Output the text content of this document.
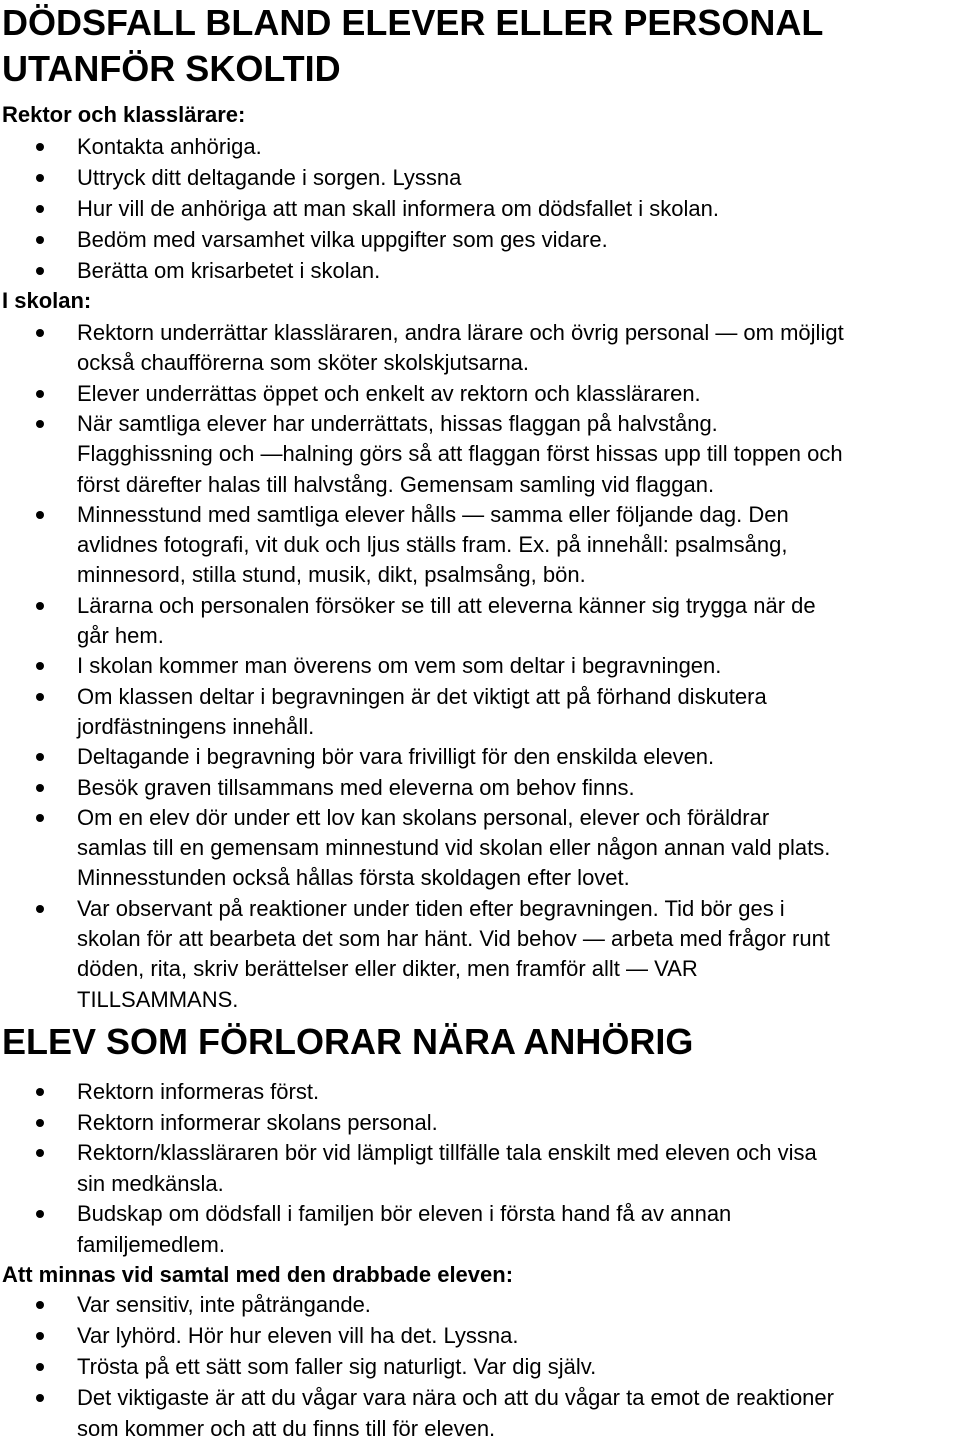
DÖDSFALL BLAND ELEVER ELLER PERSONAL
UTANFÖR SKOLTID
Rektor och klasslärare:
Kontakta anhöriga.
Uttryck ditt deltagande i sorgen. Lyssna
Hur vill de anhöriga att man skall informera om dödsfallet i skolan.
Bedöm med varsamhet vilka uppgifter som ges vidare.
Berätta om krisarbetet i skolan.
I skolan:
Rektorn underrättar klassläraren, andra lärare och övrig personal — om möjligt
också chaufförerna som sköter skolskjutsarna.
Elever underrättas öppet och enkelt av rektorn och klassläraren.
När samtliga elever har underrättats, hissas flaggan på halvstång.
Flagghissning och —halning görs så att flaggan först hissas upp till toppen och
först därefter halas till halvstång. Gemensam samling vid flaggan.
Minnesstund med samtliga elever hålls — samma eller följande dag. Den
avlidnes fotografi, vit duk och ljus ställs fram. Ex. på innehåll: psalmsång,
minnesord, stilla stund, musik, dikt, psalmsång, bön.
Lärarna och personalen försöker se till att eleverna känner sig trygga när de
går hem.
I skolan kommer man överens om vem som deltar i begravningen.
Om klassen deltar i begravningen är det viktigt att på förhand diskutera
jordfästningens innehåll.
Deltagande i begravning bör vara frivilligt för den enskilda eleven.
Besök graven tillsammans med eleverna om behov finns.
Om en elev dör under ett lov kan skolans personal, elever och föräldrar
samlas till en gemensam minnestund vid skolan eller någon annan vald plats.
Minnesstunden också hållas första skoldagen efter lovet.
Var observant på reaktioner under tiden efter begravningen. Tid bör ges i
skolan för att bearbeta det som har hänt. Vid behov — arbeta med frågor runt
döden, rita, skriv berättelser eller dikter, men framför allt — VAR
TILLSAMMANS.
ELEV SOM FÖRLORAR NÄRA ANHÖRIG
Rektorn informeras först.
Rektorn informerar skolans personal.
Rektorn/klassläraren bör vid lämpligt tillfälle tala enskilt med eleven och visa
sin medkänsla.
Budskap om dödsfall i familjen bör eleven i första hand få av annan
familjemedlem.
Att minnas vid samtal med den drabbade eleven:
Var sensitiv, inte påträngande.
Var lyhörd. Hör hur eleven vill ha det. Lyssna.
Trösta på ett sätt som faller sig naturligt. Var dig själv.
Det viktigaste är att du vågar vara nära och att du vågar ta emot de reaktioner
som kommer och att du finns till för eleven.
